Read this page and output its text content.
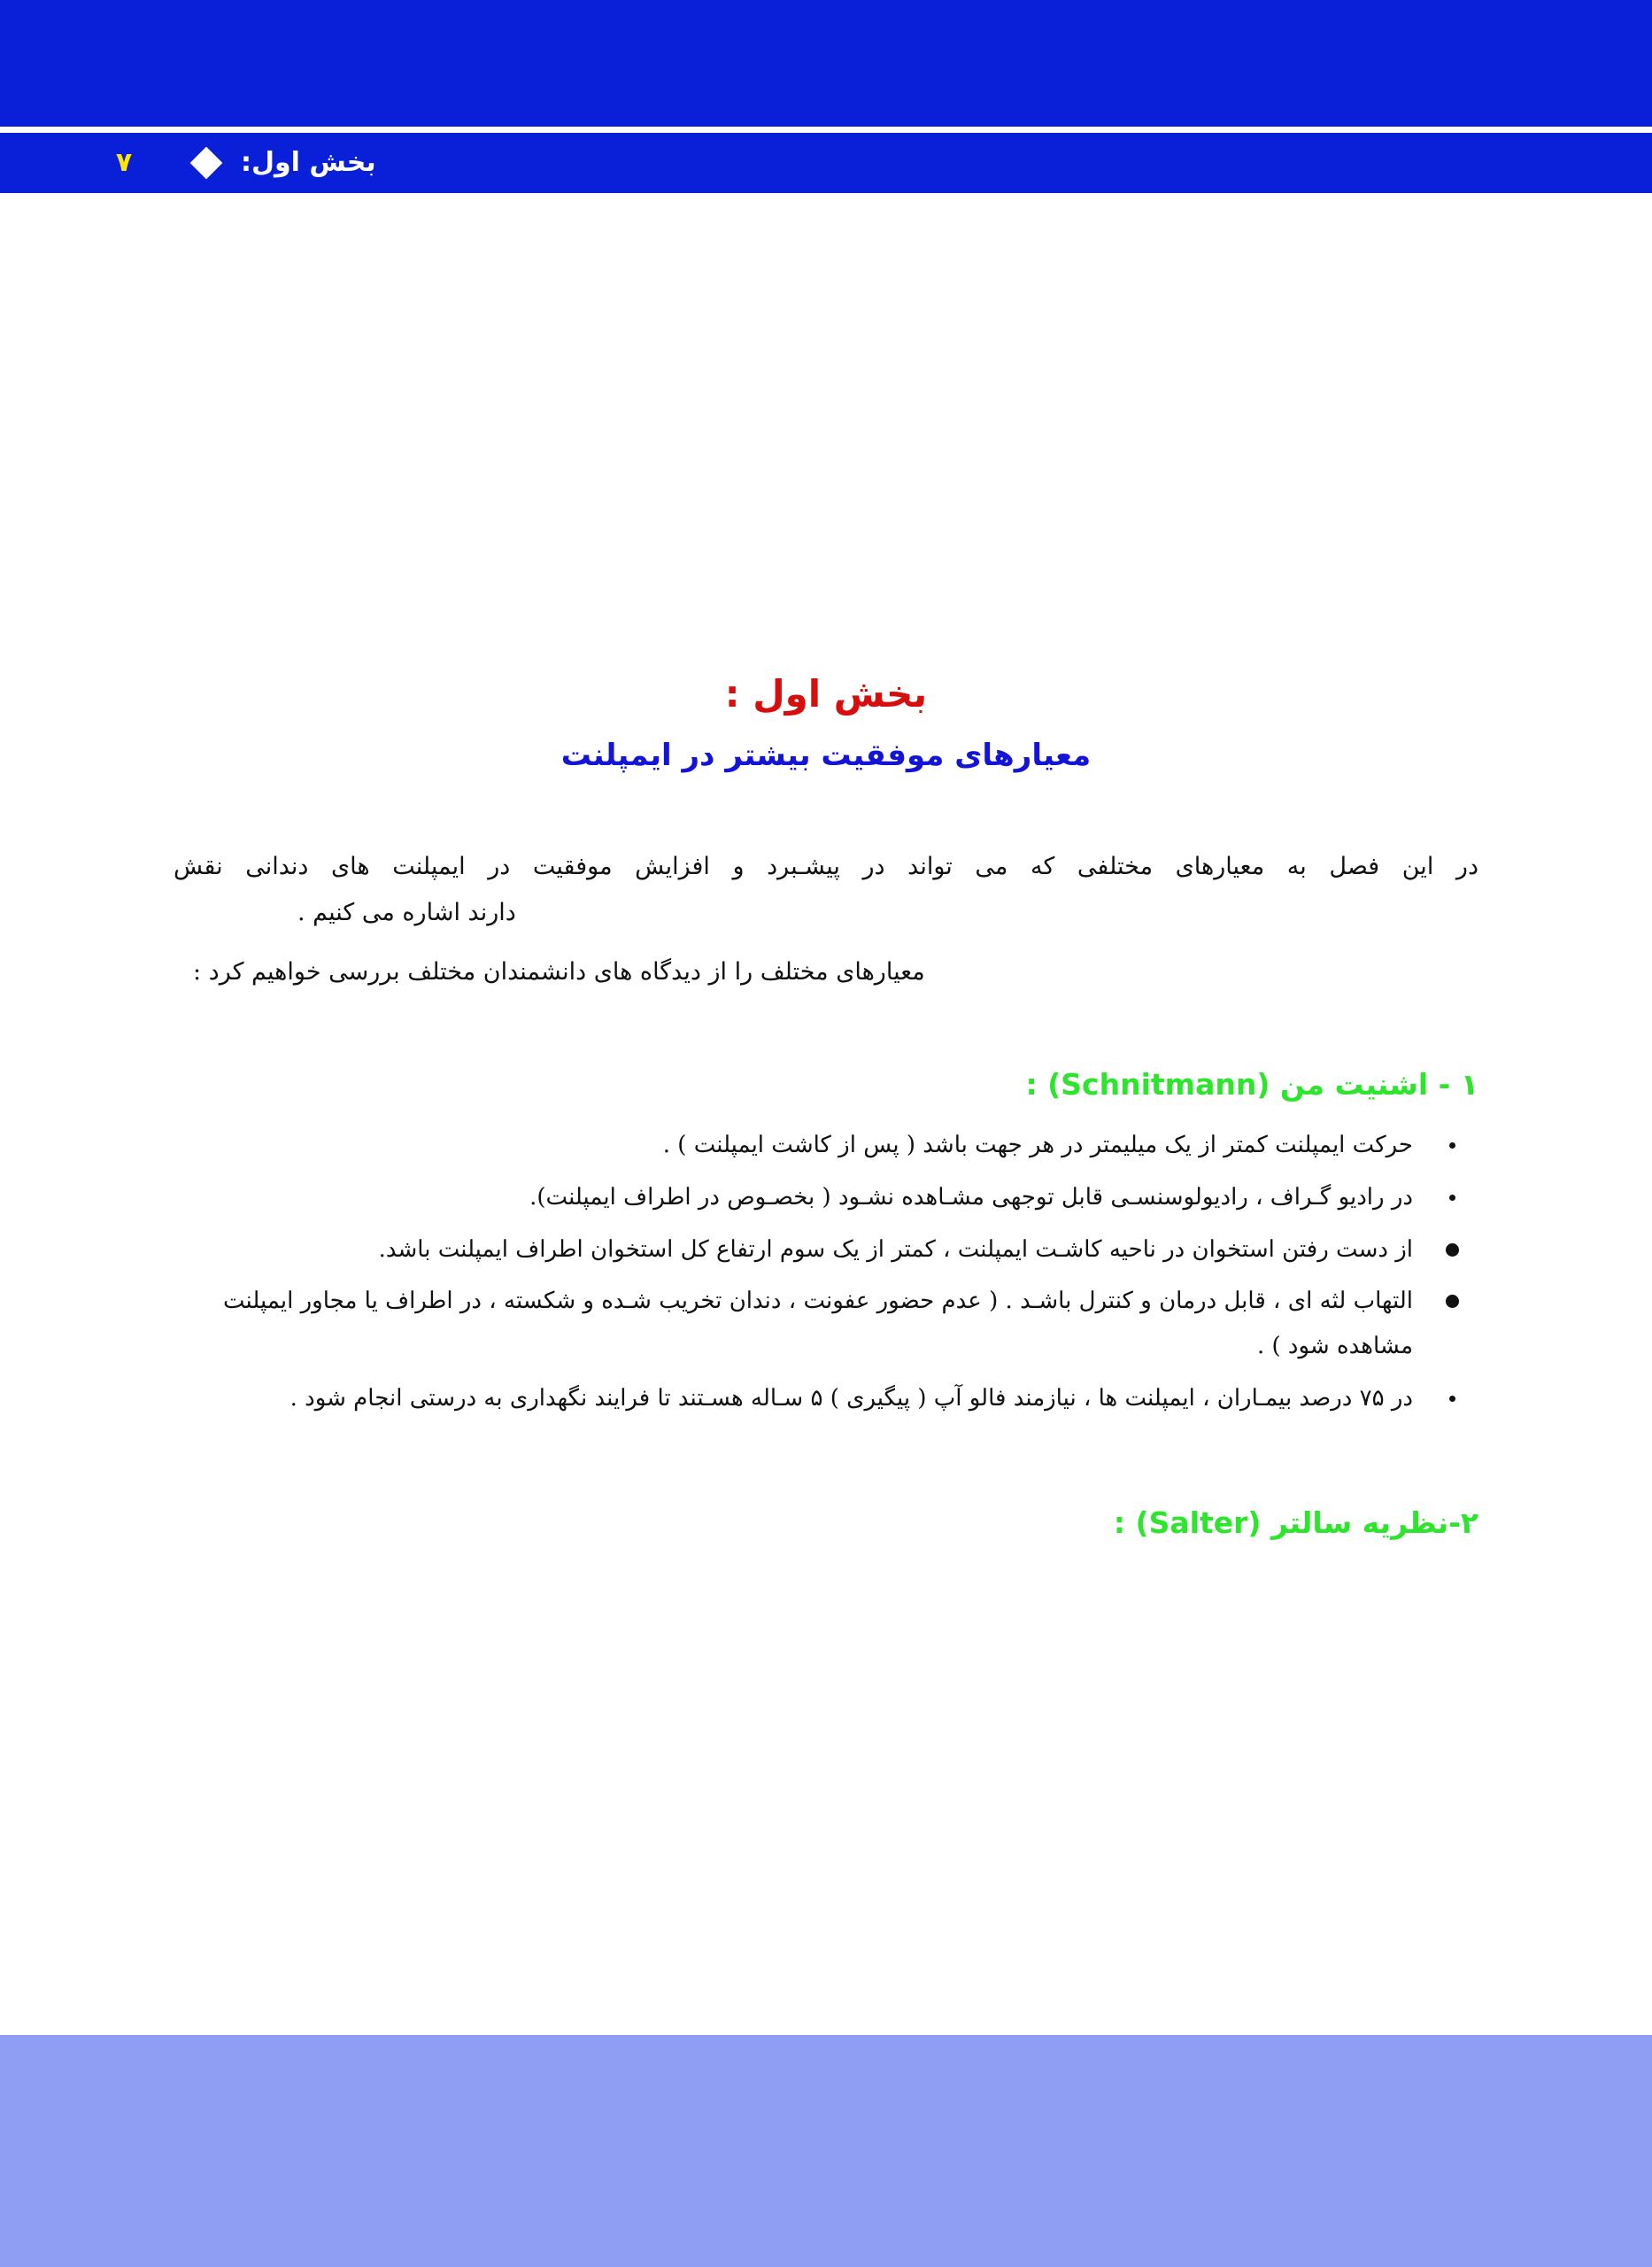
۷	بخش اول:
بخش اول :
معیارهای موفقیت بیشتر در ایمپلنت

در این فصل به معیارهای مختلفی که می تواند در پیشـبرد و افزایش موفقیت در ایمپلنت های دندانی نقش

دارند اشاره می کنیم .

معیارهای مختلف را از دیدگاه های دانشمندان مختلف بررسی خواهیم کرد :

۱ - اشنیت من (Schnitmann) :
حرکت ایمپلنت کمتر از یک میلیمتر در هر جهت باشد ( پس از کاشت ایمپلنت ) .
در رادیو گـراف ، رادیولوسنسـی قابل توجهی مشـاهده نشـود ( بخصـوص در اطراف ایمپلنت).
از دست رفتن استخوان در ناحیه کاشـت ایمپلنت ، کمتر از یک سوم ارتفاع کل استخوان اطراف ایمپلنت باشد.
التهاب لثه ای ، قابل درمان و کنترل باشـد . ( عدم حضور عفونت ، دندان تخریب شـده و شکسته ، در اطراف یا مجاور ایمپلنت مشاهده شود ) .
در ۷۵ درصد بیمـاران ، ایمپلنت ها ، نیازمند فالو آپ ( پیگیری ) ۵ سـاله هسـتند تا فرایند نگهداری به درستی انجام شود .
۲-نظریه سالتر (Salter) :
